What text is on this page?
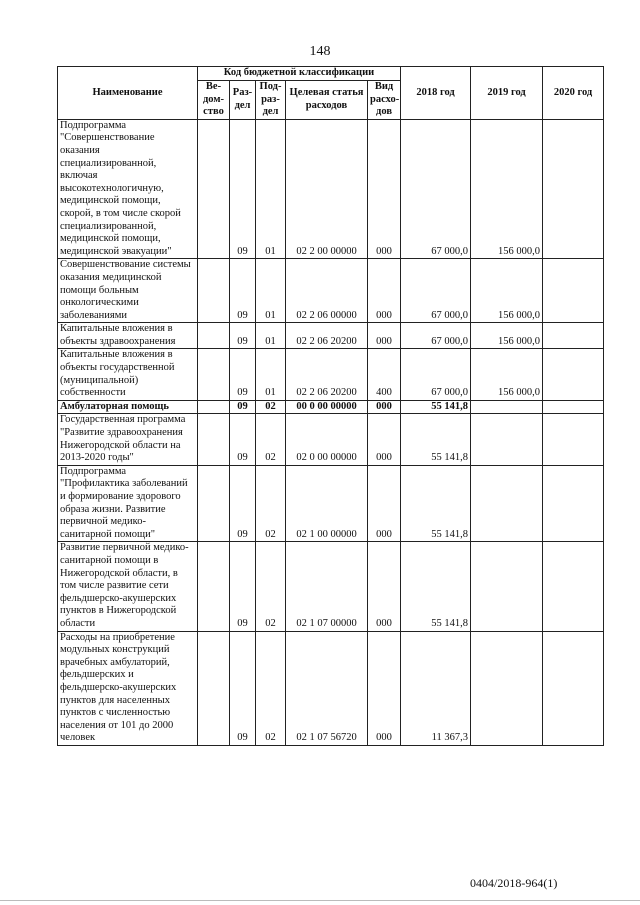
148
Наименование	Код бюджетной классификации					2018 год	2019 год	2020 год
	Ве-дом-ство	Раз-дел	Под-раз-дел	Целевая статья расходов	Вид расхо-дов			
Подпрограмма "Совершенствование оказания специализированной, включая высокотехнологичную, медицинской помощи, скорой, в том числе скорой специализированной, медицинской помощи, медицинской эвакуации"		09	01	02 2 00 00000	000	67 000,0	156 000,0	
Совершенствование системы оказания медицинской помощи больным онкологическими заболеваниями		09	01	02 2 06 00000	000	67 000,0	156 000,0	
Капитальные вложения в объекты здравоохранения		09	01	02 2 06 20200	000	67 000,0	156 000,0	
Капитальные вложения в объекты государственной (муниципальной) собственности		09	01	02 2 06 20200	400	67 000,0	156 000,0	
Амбулаторная помощь		09	02	00 0 00 00000	000	55 141,8		
Государственная программа "Развитие здравоохранения Нижегородской области на 2013-2020 годы"		09	02	02 0 00 00000	000	55 141,8		
Подпрограмма "Профилактика заболеваний и формирование здорового образа жизни. Развитие первичной медико-санитарной помощи"		09	02	02 1 00 00000	000	55 141,8		
Развитие первичной медико-санитарной помощи в Нижегородской области, в том числе развитие сети фельдшерско-акушерских пунктов в Нижегородской области		09	02	02 1 07 00000	000	55 141,8		
Расходы на приобретение модульных конструкций врачебных амбулаторий, фельдшерских и фельдшерско-акушерских пунктов для населенных пунктов с численностью населения от 101 до 2000 человек		09	02	02 1 07 56720	000	11 367,3		
0404/2018-964(1)
